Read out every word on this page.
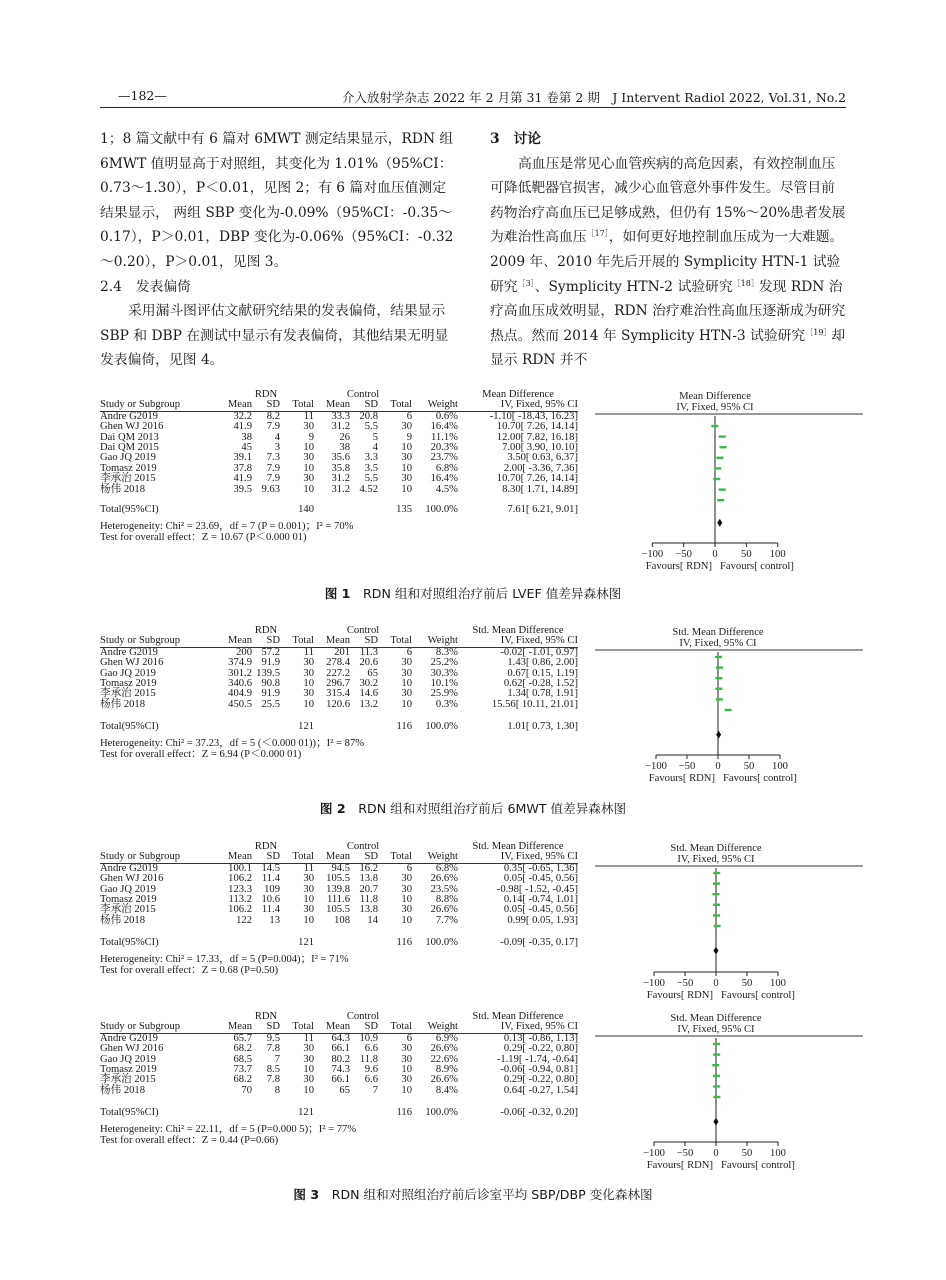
—182—	介入放射学杂志 2022 年 2 月第 31 卷第 2 期　J Intervent Radiol 2022, Vol.31, No.2

1；8 篇文献中有 6 篇对 6MWT 测定结果显示，RDN 组 6MWT 值明显高于对照组，其变化为 1.01%（95%CI：0.73～1.30），P＜0.01，见图 2；有 6 篇对血压值测定结果显示， 两组 SBP 变化为-0.09%（95%CI：-0.35～0.17），P＞0.01，DBP 变化为-0.06%（95%CI：-0.32～0.20），P＞0.01，见图 3。

2.4　发表偏倚

采用漏斗图评估文献研究结果的发表偏倚，结果显示 SBP 和 DBP 在测试中显示有发表偏倚，其他结果无明显发表偏倚，见图 4。

3　讨论

高血压是常见心血管疾病的高危因素，有效控制血压可降低靶器官损害，减少心血管意外事件发生。尽管目前药物治疗高血压已足够成熟，但仍有 15%～20%患者发展为难治性高血压$^{[17]}$，如何更好地控制血压成为一大难题。2009 年、2010 年先后开展的 Symplicity HTN-1 试验研究$^{[3]}$、Symplicity HTN-2 试验研究$^{[18]}$发现 RDN 治疗高血压成效明显，RDN 治疗难治性高血压逐渐成为研究热点。然而 2014 年 Symplicity HTN-3 试验研究$^{[19]}$却显示 RDN 并不

	RDN			Control				Mean Difference
Study or Subgroup	Mean	SD	Total	Mean	SD	Total	Weight	IV, Fixed, 95% CI
Andre G2019	32.2	8.2	11	33.3	20.8	6	0.6%	-1.10[ -18.43, 16.23]
Ghen WJ 2016	41.9	7.9	30	31.2	5.5	30	16.4%	10.70[ 7.26, 14.14]
Dai QM 2013	38	4	9	26	5	9	11.1%	12.00[ 7.82, 16.18]
Dai QM 2015	45	3	10	38	4	10	20.3%	7.00[ 3.90, 10.10]
Gao JQ 2019	39.1	7.3	30	35.6	3.3	30	23.7%	3.50[ 0.63, 6.37]
Tomasz 2019	37.8	7.9	10	35.8	3.5	10	6.8%	2.00[ -3.36, 7.36]
李承治 2015	41.9	7.9	30	31.2	5.5	30	16.4%	10.70[ 7.26, 14.14]
杨伟 2018	39.5	9.63	10	31.2	4.52	10	4.5%	8.30[ 1.71, 14.89]

Total(95%CI)			140			135	100.0%	7.61[ 6.21, 9.01]
Heterogeneity: Chi² = 23.69，df = 7 (P = 0.001)；I² = 70%
Test for overall effect：Z = 10.67 (P＜0.000 01)
Mean Difference
IV, Fixed, 95% CI
−100 −50 0 50 100
Favours[ RDN] Favours[ control]
	RDN			Control				Std. Mean Difference
Study or Subgroup	Mean	SD	Total	Mean	SD	Total	Weight	IV, Fixed, 95% CI
Andre G2019	200	57.2	11	201	11.3	6	8.3%	-0.02[ -1.01, 0.97]
Ghen WJ 2016	374.9	91.9	30	278.4	20.6	30	25.2%	1.43[ 0.86, 2.00]
Gao JQ 2019	301.2	139.5	30	227.2	65	30	30.3%	0.67[ 0.15, 1.19]
Tomasz 2019	340.6	90.8	10	296.7	30.2	10	10.1%	0.62[ -0.28, 1.52]
李承治 2015	404.9	91.9	30	315.4	14.6	30	25.9%	1.34[ 0.78, 1.91]
杨伟 2018	450.5	25.5	10	120.6	13.2	10	0.3%	15.56[ 10.11, 21.01]

Total(95%CI)			121			116	100.0%	1.01[ 0.73, 1.30]
Heterogeneity: Chi² = 37.23，df = 5 (＜0.000 01))；I² = 87%
Test for overall effect：Z = 6.94 (P＜0.000 01)
Std. Mean Difference
IV, Fixed, 95% CI
−100 −50 0 50 100
Favours[ RDN] Favours[ control]
	RDN			Control				Std. Mean Difference
Study or Subgroup	Mean	SD	Total	Mean	SD	Total	Weight	IV, Fixed, 95% CI
Andre G2019	100.1	14.5	11	94.5	16.2	6	6.8%	0.35[ -0.65, 1.36]
Ghen WJ 2016	106.2	11.4	30	105.5	13.8	30	26.6%	0.05[ -0.45, 0.56]
Gao JQ 2019	123.3	109	30	139.8	20.7	30	23.5%	-0.98[ -1.52, -0.45]
Tomasz 2019	113.2	10.6	10	111.6	11.8	10	8.8%	0.14[ -0.74, 1.01]
李承治 2015	106.2	11.4	30	105.5	13.8	30	26.6%	0.05[ -0.45, 0.56]
杨伟 2018	122	13	10	108	14	10	7.7%	0.99[ 0.05, 1.93]

Total(95%CI)			121			116	100.0%	-0.09[ -0.35, 0.17]
Heterogeneity: Chi² = 17.33，df = 5 (P=0.004)；I² = 71%
Test for overall effect：Z = 0.68 (P=0.50)
Std. Mean Difference
IV, Fixed, 95% CI
−100 −50 0 50 100
Favours[ RDN] Favours[ control]
	RDN			Control				Std. Mean Difference
Study or Subgroup	Mean	SD	Total	Mean	SD	Total	Weight	IV, Fixed, 95% CI
Andre G2019	65.7	9.5	11	64.3	10.9	6	6.9%	0.13[ -0.86, 1.13]
Ghen WJ 2016	68.2	7.8	30	66.1	6.6	30	26.6%	0.29[ -0.22, 0.80]
Gao JQ 2019	68.5	7	30	80.2	11.8	30	22.6%	-1.19[ -1.74, -0.64]
Tomasz 2019	73.7	8.5	10	74.3	9.6	10	8.9%	-0.06[ -0.94, 0.81]
李承治 2015	68.2	7.8	30	66.1	6.6	30	26.6%	0.29[ -0.22, 0.80]
杨伟 2018	70	8	10	65	7	10	8.4%	0.64[ -0.27, 1.54]

Total(95%CI)			121			116	100.0%	-0.06[ -0.32, 0.20]
Heterogeneity: Chi² = 22.11，df = 5 (P=0.000 5)；I² = 77%
Test for overall effect：Z = 0.44 (P=0.66)
Std. Mean Difference
IV, Fixed, 95% CI
−100 −50 0 50 100
Favours[ RDN] Favours[ control]
图 1　 RDN 组和对照组治疗前后 LVEF 值差异森林图
图 2　 RDN 组和对照组治疗前后 6MWT 值差异森林图
图 3　 RDN 组和对照组治疗前后诊室平均 SBP/DBP 变化森林图
